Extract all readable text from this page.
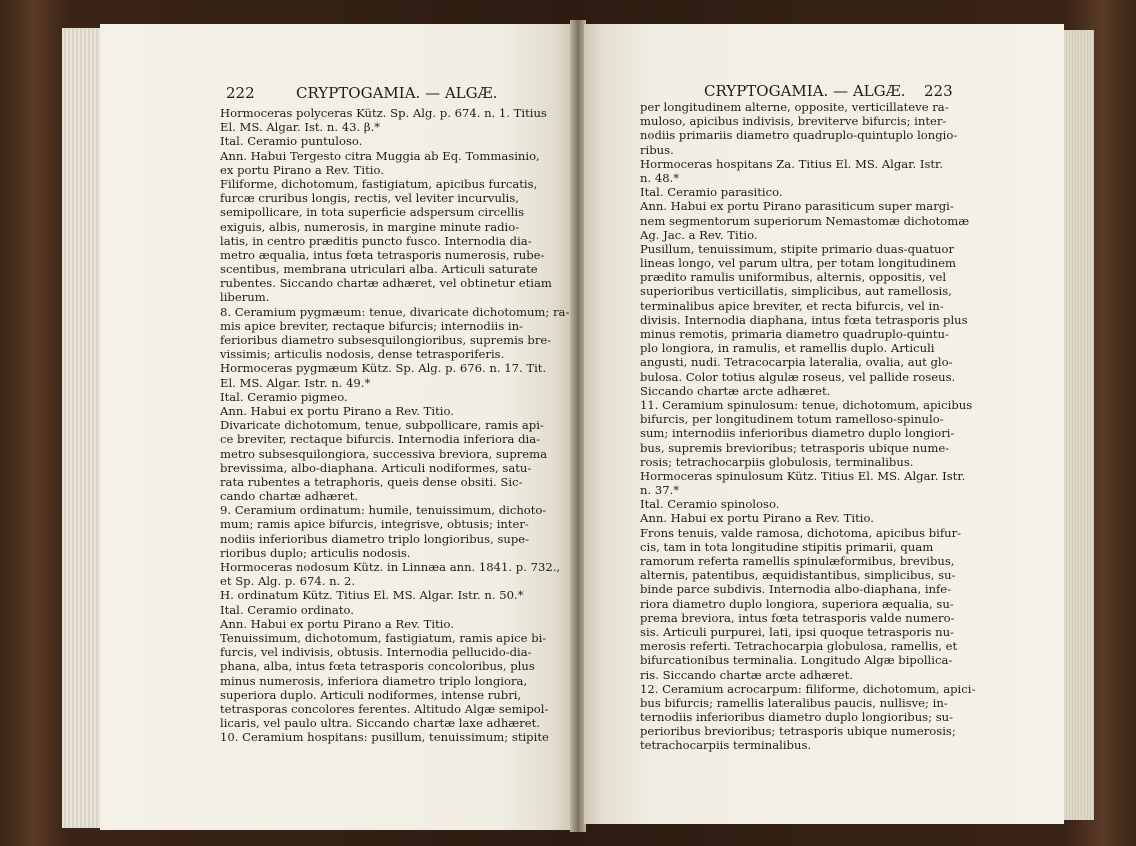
222	CRYPTOGAMIA. — ALGÆ.
Hormoceras polyceras Kütz. Sp. Alg. p. 674. n. 1. Titius
El. MS. Algar. Ist. n. 43. β.*
Ital. Ceramio puntuloso.
Ann. Habui Tergesto citra Muggia ab Eq. Tommasinio,
ex portu Pirano a Rev. Titio.
Filiforme, dichotomum, fastigiatum, apicibus furcatis,
furcæ cruribus longis, rectis, vel leviter incurvulis,
semipollicare, in tota superficie adspersum circellis
exiguis, albis, numerosis, in margine minute radio-
latis, in centro præditis puncto fusco. Internodia dia-
metro æqualia, intus fœta tetrasporis numerosis, rube-
scentibus, membrana utriculari alba. Articuli saturate
rubentes. Siccando chartæ adhæret, vel obtinetur etiam
liberum.
8. Ceramium pygmæum: tenue, divaricate dichotomum; ra-
mis apice breviter, rectaque bifurcis; internodiis in-
ferioribus diametro subsesquilongioribus, supremis bre-
vissimis; articulis nodosis, dense tetrasporiferis.
Hormoceras pygmæum Kütz. Sp. Alg. p. 676. n. 17. Tit.
El. MS. Algar. Istr. n. 49.*
Ital. Ceramio pigmeo.
Ann. Habui ex portu Pirano a Rev. Titio.
Divaricate dichotomum, tenue, subpollicare, ramis api-
ce breviter, rectaque bifurcis. Internodia inferiora dia-
metro subsesquilongiora, successiva breviora, suprema
brevissima, albo-diaphana. Articuli nodiformes, satu-
rata rubentes a tetraphoris, queis dense obsiti. Sic-
cando chartæ adhæret.
9. Ceramium ordinatum: humile, tenuissimum, dichoto-
mum; ramis apice bifurcis, integrisve, obtusis; inter-
nodiis inferioribus diametro triplo longioribus, supe-
rioribus duplo; articulis nodosis.
Hormoceras nodosum Kütz. in Linnæa ann. 1841. p. 732.,
et Sp. Alg. p. 674. n. 2.
H. ordinatum Kütz. Titius El. MS. Algar. Istr. n. 50.*
Ital. Ceramio ordinato.
Ann. Habui ex portu Pirano a Rev. Titio.
Tenuissimum, dichotomum, fastigiatum, ramis apice bi-
furcis, vel indivisis, obtusis. Internodia pellucido-dia-
phana, alba, intus fœta tetrasporis concoloribus, plus
minus numerosis, inferiora diametro triplo longiora,
superiora duplo. Articuli nodiformes, intense rubri,
tetrasporas concolores ferentes. Altitudo Algæ semipol-
licaris, vel paulo ultra. Siccando chartæ laxe adhæret.
10. Ceramium hospitans: pusillum, tenuissimum; stipite
CRYPTOGAMIA. — ALGÆ. 223
per longitudinem alterne, opposite, verticillateve ra-
muloso, apicibus indivisis, breviterve bifurcis; inter-
nodiis primariis diametro quadruplo-quintuplo longio-
ribus.
Hormoceras hospitans Za. Titius El. MS. Algar. Istr.
n. 48.*
Ital. Ceramio parasitico.
Ann. Habui ex portu Pirano parasiticum super margi-
nem segmentorum superiorum Nemastomæ dichotomæ
Ag. Jac. a Rev. Titio.
Pusillum, tenuissimum, stipite primario duas-quatuor
lineas longo, vel parum ultra, per totam longitudinem
prædito ramulis uniformibus, alternis, oppositis, vel
superioribus verticillatis, simplicibus, aut ramellosis,
terminalibus apice breviter, et recta bifurcis, vel in-
divisis. Internodia diaphana, intus fœta tetrasporis plus
minus remotis, primaria diametro quadruplo-quintu-
plo longiora, in ramulis, et ramellis duplo. Articuli
angusti, nudi. Tetracocarpia lateralia, ovalia, aut glo-
bulosa. Color totius algulæ roseus, vel pallide roseus.
Siccando chartæ arcte adhæret.
11. Ceramium spinulosum: tenue, dichotomum, apicibus
bifurcis, per longitudinem totum ramelloso-spinulo-
sum; internodiis inferioribus diametro duplo longiori-
bus, supremis brevioribus; tetrasporis ubique nume-
rosis; tetrachocarpiis globulosis, terminalibus.
Hormoceras spinulosum Kütz. Titius El. MS. Algar. Istr.
n. 37.*
Ital. Ceramio spinoloso.
Ann. Habui ex portu Pirano a Rev. Titio.
Frons tenuis, valde ramosa, dichotoma, apicibus bifur-
cis, tam in tota longitudine stipitis primarii, quam
ramorum referta ramellis spinulæformibus, brevibus,
alternis, patentibus, æquidistantibus, simplicibus, su-
binde parce subdivis. Internodia albo-diaphana, infe-
riora diametro duplo longiora, superiora æqualia, su-
prema breviora, intus fœta tetrasporis valde numero-
sis. Articuli purpurei, lati, ipsi quoque tetrasporis nu-
merosis referti. Tetrachocarpia globulosa, ramellis, et
bifurcationibus terminalia. Longitudo Algæ bipollica-
ris. Siccando chartæ arcte adhæret.
12. Ceramium acrocarpum: filiforme, dichotomum, apici-
bus bifurcis; ramellis lateralibus paucis, nullisve; in-
ternodiis inferioribus diametro duplo longioribus; su-
perioribus brevioribus; tetrasporis ubique numerosis;
tetrachocarpiis terminalibus.
